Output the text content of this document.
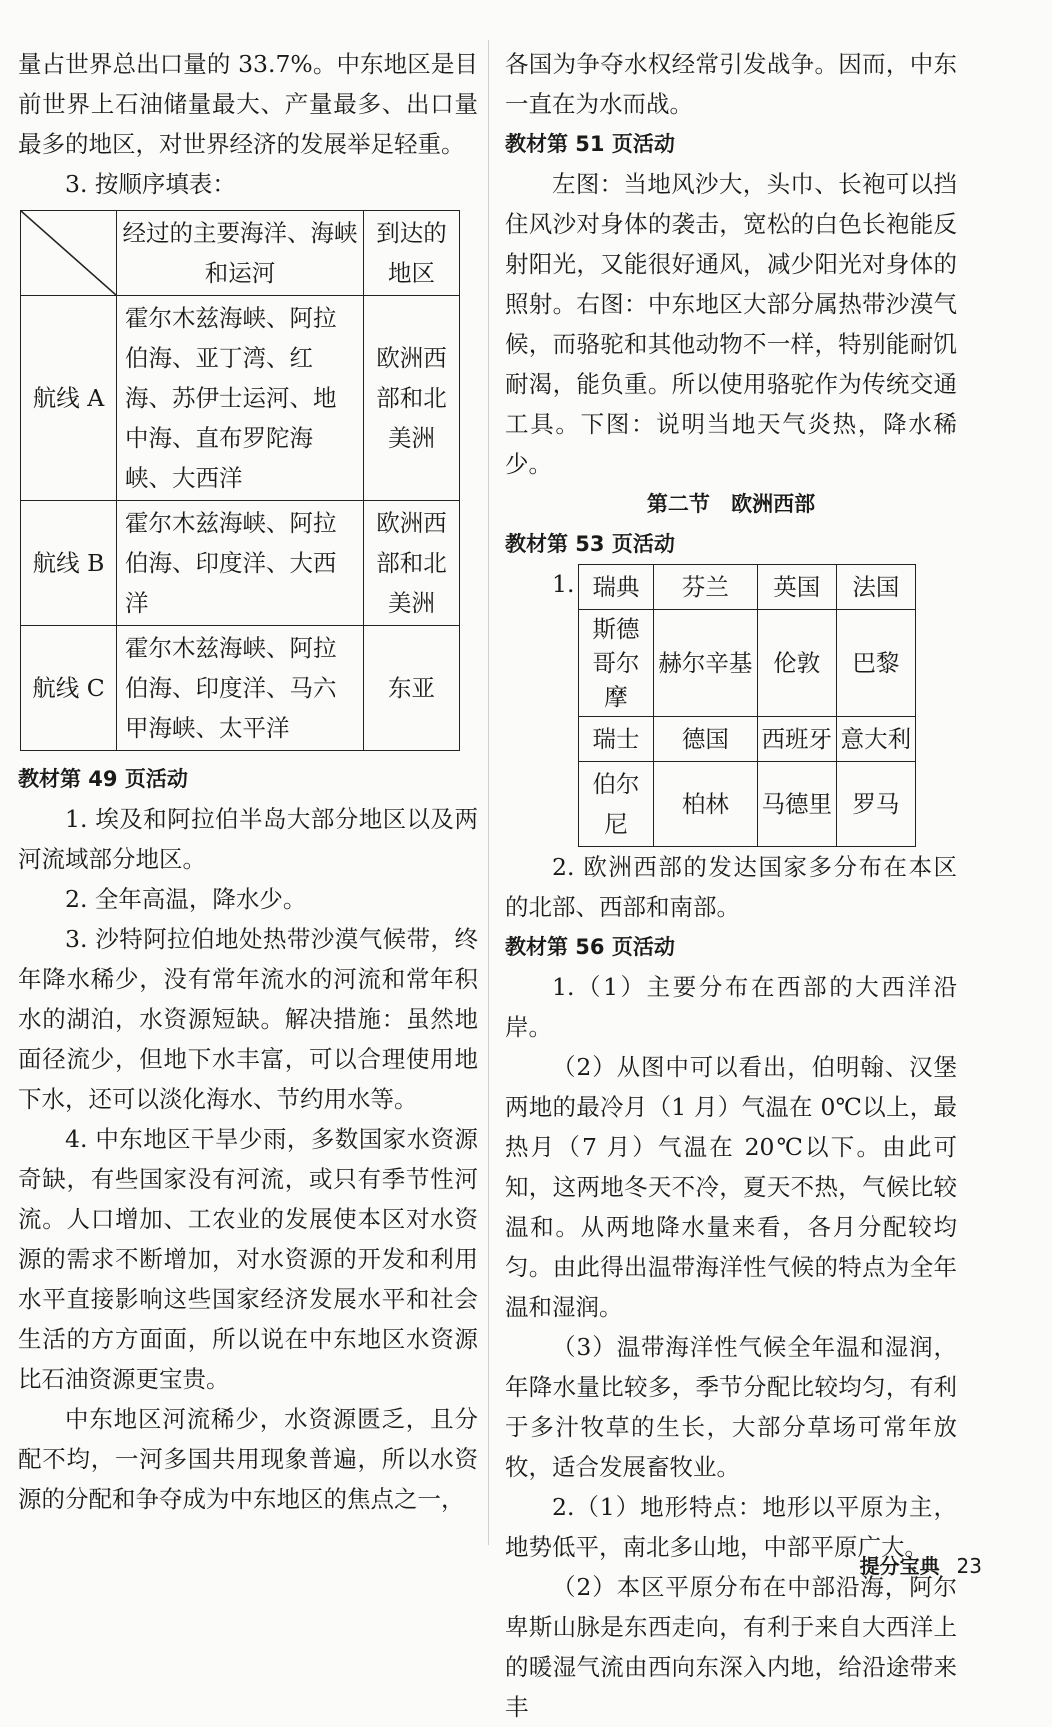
量占世界总出口量的 33.7%。中东地区是目前世界上石油储量最大、产量最多、出口量最多的地区，对世界经济的发展举足轻重。

3. 按顺序填表：

	经过的主要海洋、海峡和运河	到达的地区
航线 A	霍尔木兹海峡、阿拉伯海、亚丁湾、红海、苏伊士运河、地中海、直布罗陀海峡、大西洋	欧洲西部和北美洲
航线 B	霍尔木兹海峡、阿拉伯海、印度洋、大西洋	欧洲西部和北美洲
航线 C	霍尔木兹海峡、阿拉伯海、印度洋、马六甲海峡、太平洋	东亚

教材第 49 页活动

1. 埃及和阿拉伯半岛大部分地区以及两河流域部分地区。

2. 全年高温，降水少。

3. 沙特阿拉伯地处热带沙漠气候带，终年降水稀少，没有常年流水的河流和常年积水的湖泊，水资源短缺。解决措施：虽然地面径流少，但地下水丰富，可以合理使用地下水，还可以淡化海水、节约用水等。

4. 中东地区干旱少雨，多数国家水资源奇缺，有些国家没有河流，或只有季节性河流。人口增加、工农业的发展使本区对水资源的需求不断增加，对水资源的开发和利用水平直接影响这些国家经济发展水平和社会生活的方方面面，所以说在中东地区水资源比石油资源更宝贵。

中东地区河流稀少，水资源匮乏，且分配不均，一河多国共用现象普遍，所以水资源的分配和争夺成为中东地区的焦点之一，

各国为争夺水权经常引发战争。因而，中东一直在为水而战。

教材第 51 页活动

左图：当地风沙大，头巾、长袍可以挡住风沙对身体的袭击，宽松的白色长袍能反射阳光，又能很好通风，减少阳光对身体的照射。右图：中东地区大部分属热带沙漠气候，而骆驼和其他动物不一样，特别能耐饥耐渴，能负重。所以使用骆驼作为传统交通工具。下图：说明当地天气炎热，降水稀少。

第二节 欧洲西部

教材第 53 页活动

1. 瑞典	芬兰	英国	法国
斯德哥尔摩	赫尔辛基	伦敦	巴黎
瑞士	德国	西班牙	意大利
伯尔尼	柏林	马德里	罗马

2. 欧洲西部的发达国家多分布在本区的北部、西部和南部。

教材第 56 页活动

1.（1）主要分布在西部的大西洋沿岸。

（2）从图中可以看出，伯明翰、汉堡两地的最冷月（1 月）气温在 0℃以上，最热月（7 月）气温在 20℃以下。由此可知，这两地冬天不冷，夏天不热，气候比较温和。从两地降水量来看，各月分配较均匀。由此得出温带海洋性气候的特点为全年温和湿润。

（3）温带海洋性气候全年温和湿润，年降水量比较多，季节分配比较均匀，有利于多汁牧草的生长，大部分草场可常年放牧，适合发展畜牧业。

2.（1）地形特点：地形以平原为主，地势低平，南北多山地，中部平原广大。

（2）本区平原分布在中部沿海，阿尔卑斯山脉是东西走向，有利于来自大西洋上的暖湿气流由西向东深入内地，给沿途带来丰

提分宝典 23
